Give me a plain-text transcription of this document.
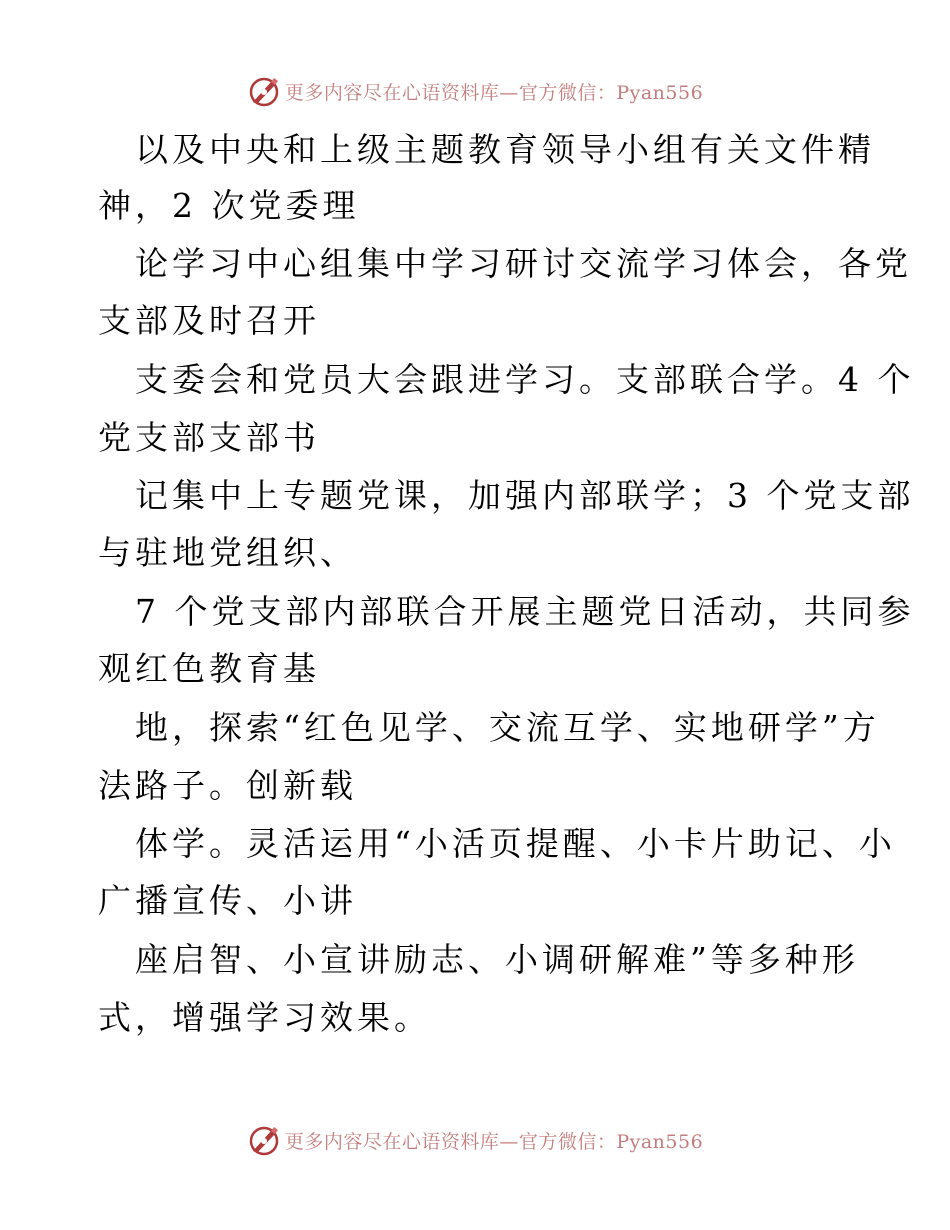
更多内容尽在心语资料库—官方微信：Pyan556
以及中央和上级主题教育领导小组有关文件精
神，2 次党委理
论学习中心组集中学习研讨交流学习体会，各党
支部及时召开
支委会和党员大会跟进学习。支部联合学。4 个
党支部支部书
记集中上专题党课，加强内部联学；3 个党支部
与驻地党组织、
7 个党支部内部联合开展主题党日活动，共同参
观红色教育基
地，探索“红色见学、交流互学、实地研学”方
法路子。创新载
体学。灵活运用“小活页提醒、小卡片助记、小
广播宣传、小讲
座启智、小宣讲励志、小调研解难”等多种形
式，增强学习效果。
更多内容尽在心语资料库—官方微信：Pyan556
